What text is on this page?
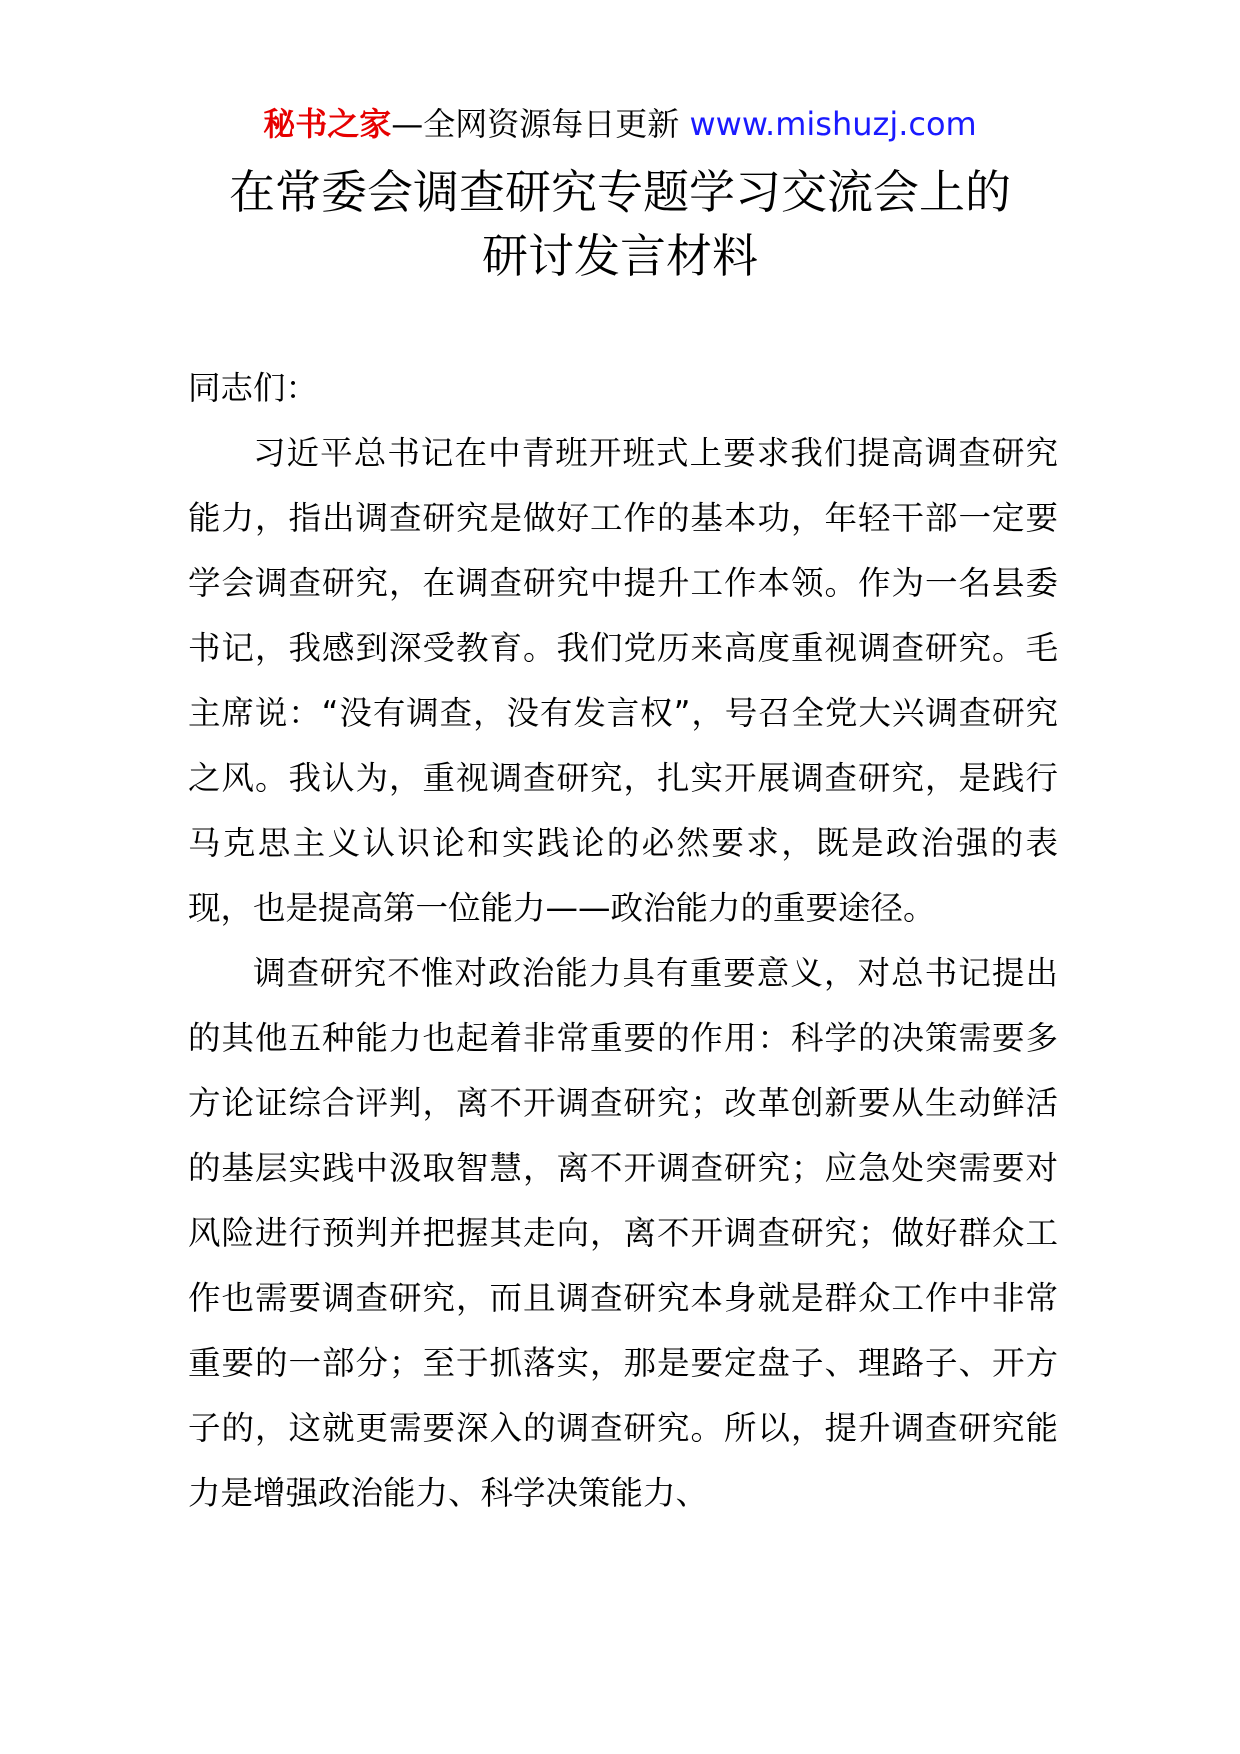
秘书之家—全网资源每日更新 www.mishuzj.com
在常委会调查研究专题学习交流会上的
研讨发言材料

同志们：

习近平总书记在中青班开班式上要求我们提高调查研究能力，指出调查研究是做好工作的基本功，年轻干部一定要学会调查研究，在调查研究中提升工作本领。作为一名县委书记，我感到深受教育。我们党历来高度重视调查研究。毛主席说：“没有调查，没有发言权”，号召全党大兴调查研究之风。我认为，重视调查研究，扎实开展调查研究，是践行马克思主义认识论和实践论的必然要求，既是政治强的表现，也是提高第一位能力——政治能力的重要途径。

调查研究不惟对政治能力具有重要意义，对总书记提出的其他五种能力也起着非常重要的作用：科学的决策需要多方论证综合评判，离不开调查研究；改革创新要从生动鲜活的基层实践中汲取智慧，离不开调查研究；应急处突需要对风险进行预判并把握其走向，离不开调查研究；做好群众工作也需要调查研究，而且调查研究本身就是群众工作中非常重要的一部分；至于抓落实，那是要定盘子、理路子、开方子的，这就更需要深入的调查研究。所以，提升调查研究能力是增强政治能力、科学决策能力、
